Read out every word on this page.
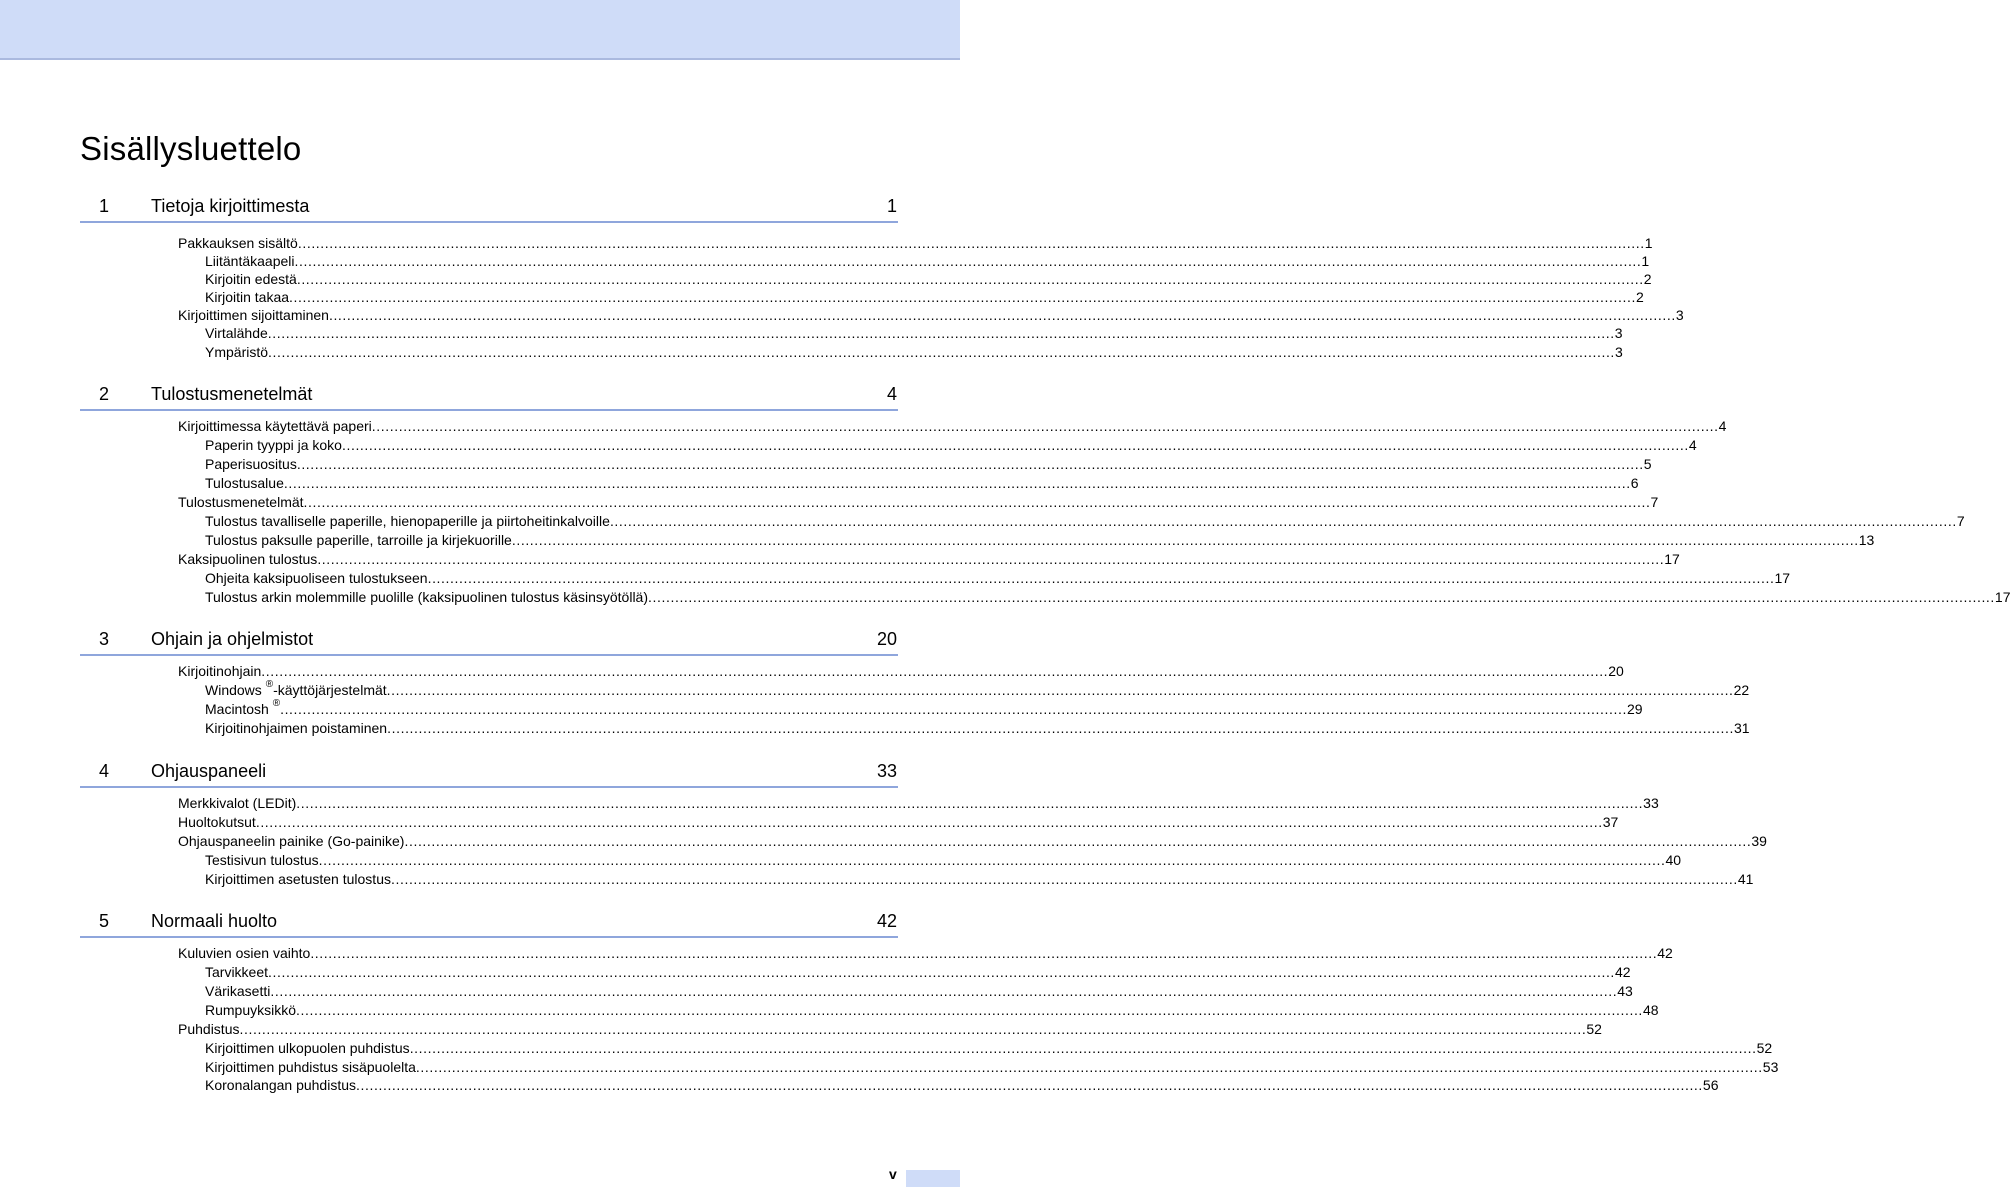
Sisällysluettelo
1 Tietoja kirjoittimesta	1
Pakkauksen sisältö ............................................................................................................................................................................................................................................................................................................ 1
Liitäntäkaapeli ............................................................................................................................................................................................................................................................................................................ 1
Kirjoitin edestä ............................................................................................................................................................................................................................................................................................................ 2
Kirjoitin takaa ............................................................................................................................................................................................................................................................................................................ 2
Kirjoittimen sijoittaminen ............................................................................................................................................................................................................................................................................................................ 3
Virtalähde ............................................................................................................................................................................................................................................................................................................ 3
Ympäristö ............................................................................................................................................................................................................................................................................................................ 3
2 Tulostusmenetelmät	4
Kirjoittimessa käytettävä paperi ............................................................................................................................................................................................................................................................................................................ 4
Paperin tyyppi ja koko ............................................................................................................................................................................................................................................................................................................ 4
Paperisuositus ............................................................................................................................................................................................................................................................................................................ 5
Tulostusalue ............................................................................................................................................................................................................................................................................................................ 6
Tulostusmenetelmät ............................................................................................................................................................................................................................................................................................................ 7
Tulostus tavalliselle paperille, hienopaperille ja piirtoheitinkalvoille ............................................................................................................................................................................................................................................................................................................ 7
Tulostus paksulle paperille, tarroille ja kirjekuorille ............................................................................................................................................................................................................................................................................................................ 13
Kaksipuolinen tulostus ............................................................................................................................................................................................................................................................................................................ 17
Ohjeita kaksipuoliseen tulostukseen ............................................................................................................................................................................................................................................................................................................ 17
Tulostus arkin molemmille puolille (kaksipuolinen tulostus käsinsyötöllä) ............................................................................................................................................................................................................................................................................................................ 17
3 Ohjain ja ohjelmistot	20
Kirjoitinohjain ............................................................................................................................................................................................................................................................................................................ 20
Windows ®-käyttöjärjestelmät ............................................................................................................................................................................................................................................................................................................ 22
Macintosh ® ............................................................................................................................................................................................................................................................................................................ 29
Kirjoitinohjaimen poistaminen ............................................................................................................................................................................................................................................................................................................ 31
4 Ohjauspaneeli	33
Merkkivalot (LEDit) ............................................................................................................................................................................................................................................................................................................ 33
Huoltokutsut ............................................................................................................................................................................................................................................................................................................ 37
Ohjauspaneelin painike (Go-painike) ............................................................................................................................................................................................................................................................................................................ 39
Testisivun tulostus ............................................................................................................................................................................................................................................................................................................ 40
Kirjoittimen asetusten tulostus ............................................................................................................................................................................................................................................................................................................ 41
5 Normaali huolto	42
Kuluvien osien vaihto ............................................................................................................................................................................................................................................................................................................ 42
Tarvikkeet ............................................................................................................................................................................................................................................................................................................ 42
Värikasetti ............................................................................................................................................................................................................................................................................................................ 43
Rumpuyksikkö ............................................................................................................................................................................................................................................................................................................ 48
Puhdistus ............................................................................................................................................................................................................................................................................................................ 52
Kirjoittimen ulkopuolen puhdistus ............................................................................................................................................................................................................................................................................................................ 52
Kirjoittimen puhdistus sisäpuolelta ............................................................................................................................................................................................................................................................................................................ 53
Koronalangan puhdistus ............................................................................................................................................................................................................................................................................................................ 56
v
